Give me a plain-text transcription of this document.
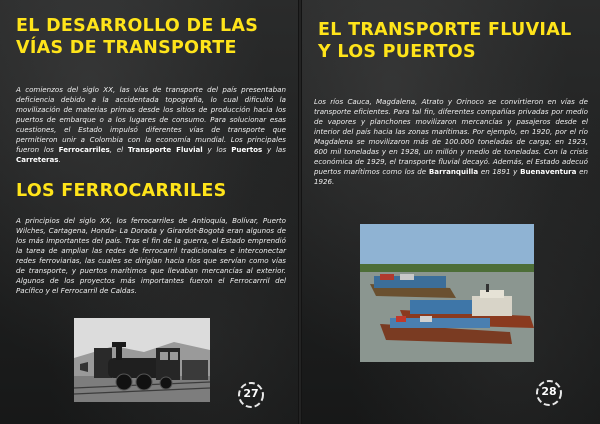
EL DESARROLLO DE LAS VÍAS DE TRANSPORTE

A comienzos del siglo XX, las vías de transporte del país presentaban deficiencia debido a la accidentada topografía, lo cual dificultó la movilización de materias primas desde los sitios de producción hacia los puertos de embarque o a los lugares de consumo. Para solucionar esas cuestiones, el Estado impulsó diferentes vías de transporte que permitieron unir a Colombia con la economía mundial. Los principales fueron los Ferrocarriles, el Transporte Fluvial y los Puertos y las Carreteras.

LOS FERROCARRILES

A principios del siglo XX, los ferrocarriles de Antioquía, Bolívar, Puerto Wilches, Cartagena, Honda- La Dorada y Girardot-Bogotá eran algunos de los más importantes del país. Tras el fin de la guerra, el Estado emprendió la tarea de ampliar las redes de ferrocarril tradicionales e interconectar redes ferroviarias, las cuales se dirigían hacia ríos que servían como vías de transporte, y puertos marítimos que llevaban mercancías al exterior. Algunos de los proyectos más importantes fueron el Ferrocarrril del Pacífico y el Ferrocarril de Caldas.

27
EL TRANSPORTE FLUVIAL Y LOS PUERTOS

Los ríos Cauca, Magdalena, Atrato y Orinoco se convirtieron en vías de transporte eficientes. Para tal fin, diferentes compañías privadas por medio de vapores y planchones movilizaron mercancías y pasajeros desde el interior del país hacia las zonas marítimas. Por ejemplo, en 1920, por el río Magdalena se movilizaron más de 100.000 toneladas de carga; en 1923, 600 mil toneladas y en 1928, un millón y medio de toneladas. Con la crisis económica de 1929, el transporte fluvial decayó. Además, el Estado adecuó puertos marítimos como los de Barranquilla en 1891 y Buenaventura en 1926.

28
